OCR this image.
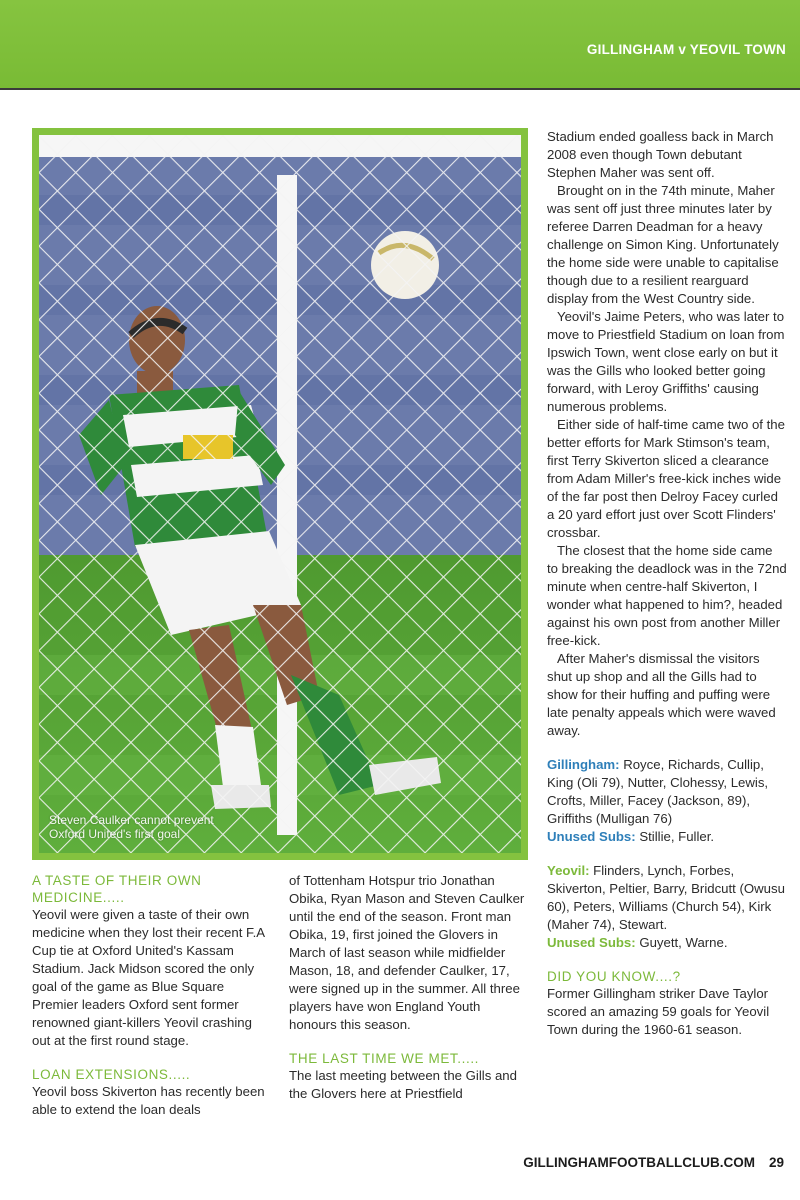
GILLINGHAM v YEOVIL TOWN
Steven Caulker cannot prevent Oxford United's first goal
A TASTE OF THEIR OWN MEDICINE.....

Yeovil were given a taste of their own medicine when they lost their recent F.A Cup tie at Oxford United's Kassam Stadium. Jack Midson scored the only goal of the game as Blue Square Premier leaders Oxford sent former renowned giant-killers Yeovil crashing out at the first round stage.

LOAN EXTENSIONS.....

Yeovil boss Skiverton has recently been able to extend the loan deals

of Tottenham Hotspur trio Jonathan Obika, Ryan Mason and Steven Caulker until the end of the season. Front man Obika, 19, first joined the Glovers in March of last season while midfielder Mason, 18, and defender Caulker, 17, were signed up in the summer. All three players have won England Youth honours this season.

THE LAST TIME WE MET.....

The last meeting between the Gills and the Glovers here at Priestfield

Stadium ended goalless back in March 2008 even though Town debutant Stephen Maher was sent off.

Brought on in the 74th minute, Maher was sent off just three minutes later by referee Darren Deadman for a heavy challenge on Simon King. Unfortunately the home side were unable to capitalise though due to a resilient rearguard display from the West Country side.

Yeovil's Jaime Peters, who was later to move to Priestfield Stadium on loan from Ipswich Town, went close early on but it was the Gills who looked better going forward, with Leroy Griffiths' causing numerous problems.

Either side of half-time came two of the better efforts for Mark Stimson's team, first Terry Skiverton sliced a clearance from Adam Miller's free-kick inches wide of the far post then Delroy Facey curled a 20 yard effort just over Scott Flinders' crossbar.

The closest that the home side came to breaking the deadlock was in the 72nd minute when centre-half Skiverton, I wonder what happened to him?, headed against his own post from another Miller free-kick.

After Maher's dismissal the visitors shut up shop and all the Gills had to show for their huffing and puffing were late penalty appeals which were waved away.

Gillingham: Royce, Richards, Cullip, King (Oli 79), Nutter, Clohessy, Lewis, Crofts, Miller, Facey (Jackson, 89), Griffiths (Mulligan 76)
Unused Subs: Stillie, Fuller.
Yeovil: Flinders, Lynch, Forbes, Skiverton, Peltier, Barry, Bridcutt (Owusu 60), Peters, Williams (Church 54), Kirk (Maher 74), Stewart.
Unused Subs: Guyett, Warne.
DID YOU KNOW....?

Former Gillingham striker Dave Taylor scored an amazing 59 goals for Yeovil Town during the 1960-61 season.

GILLINGHAMFOOTBALLCLUB.COM 29
